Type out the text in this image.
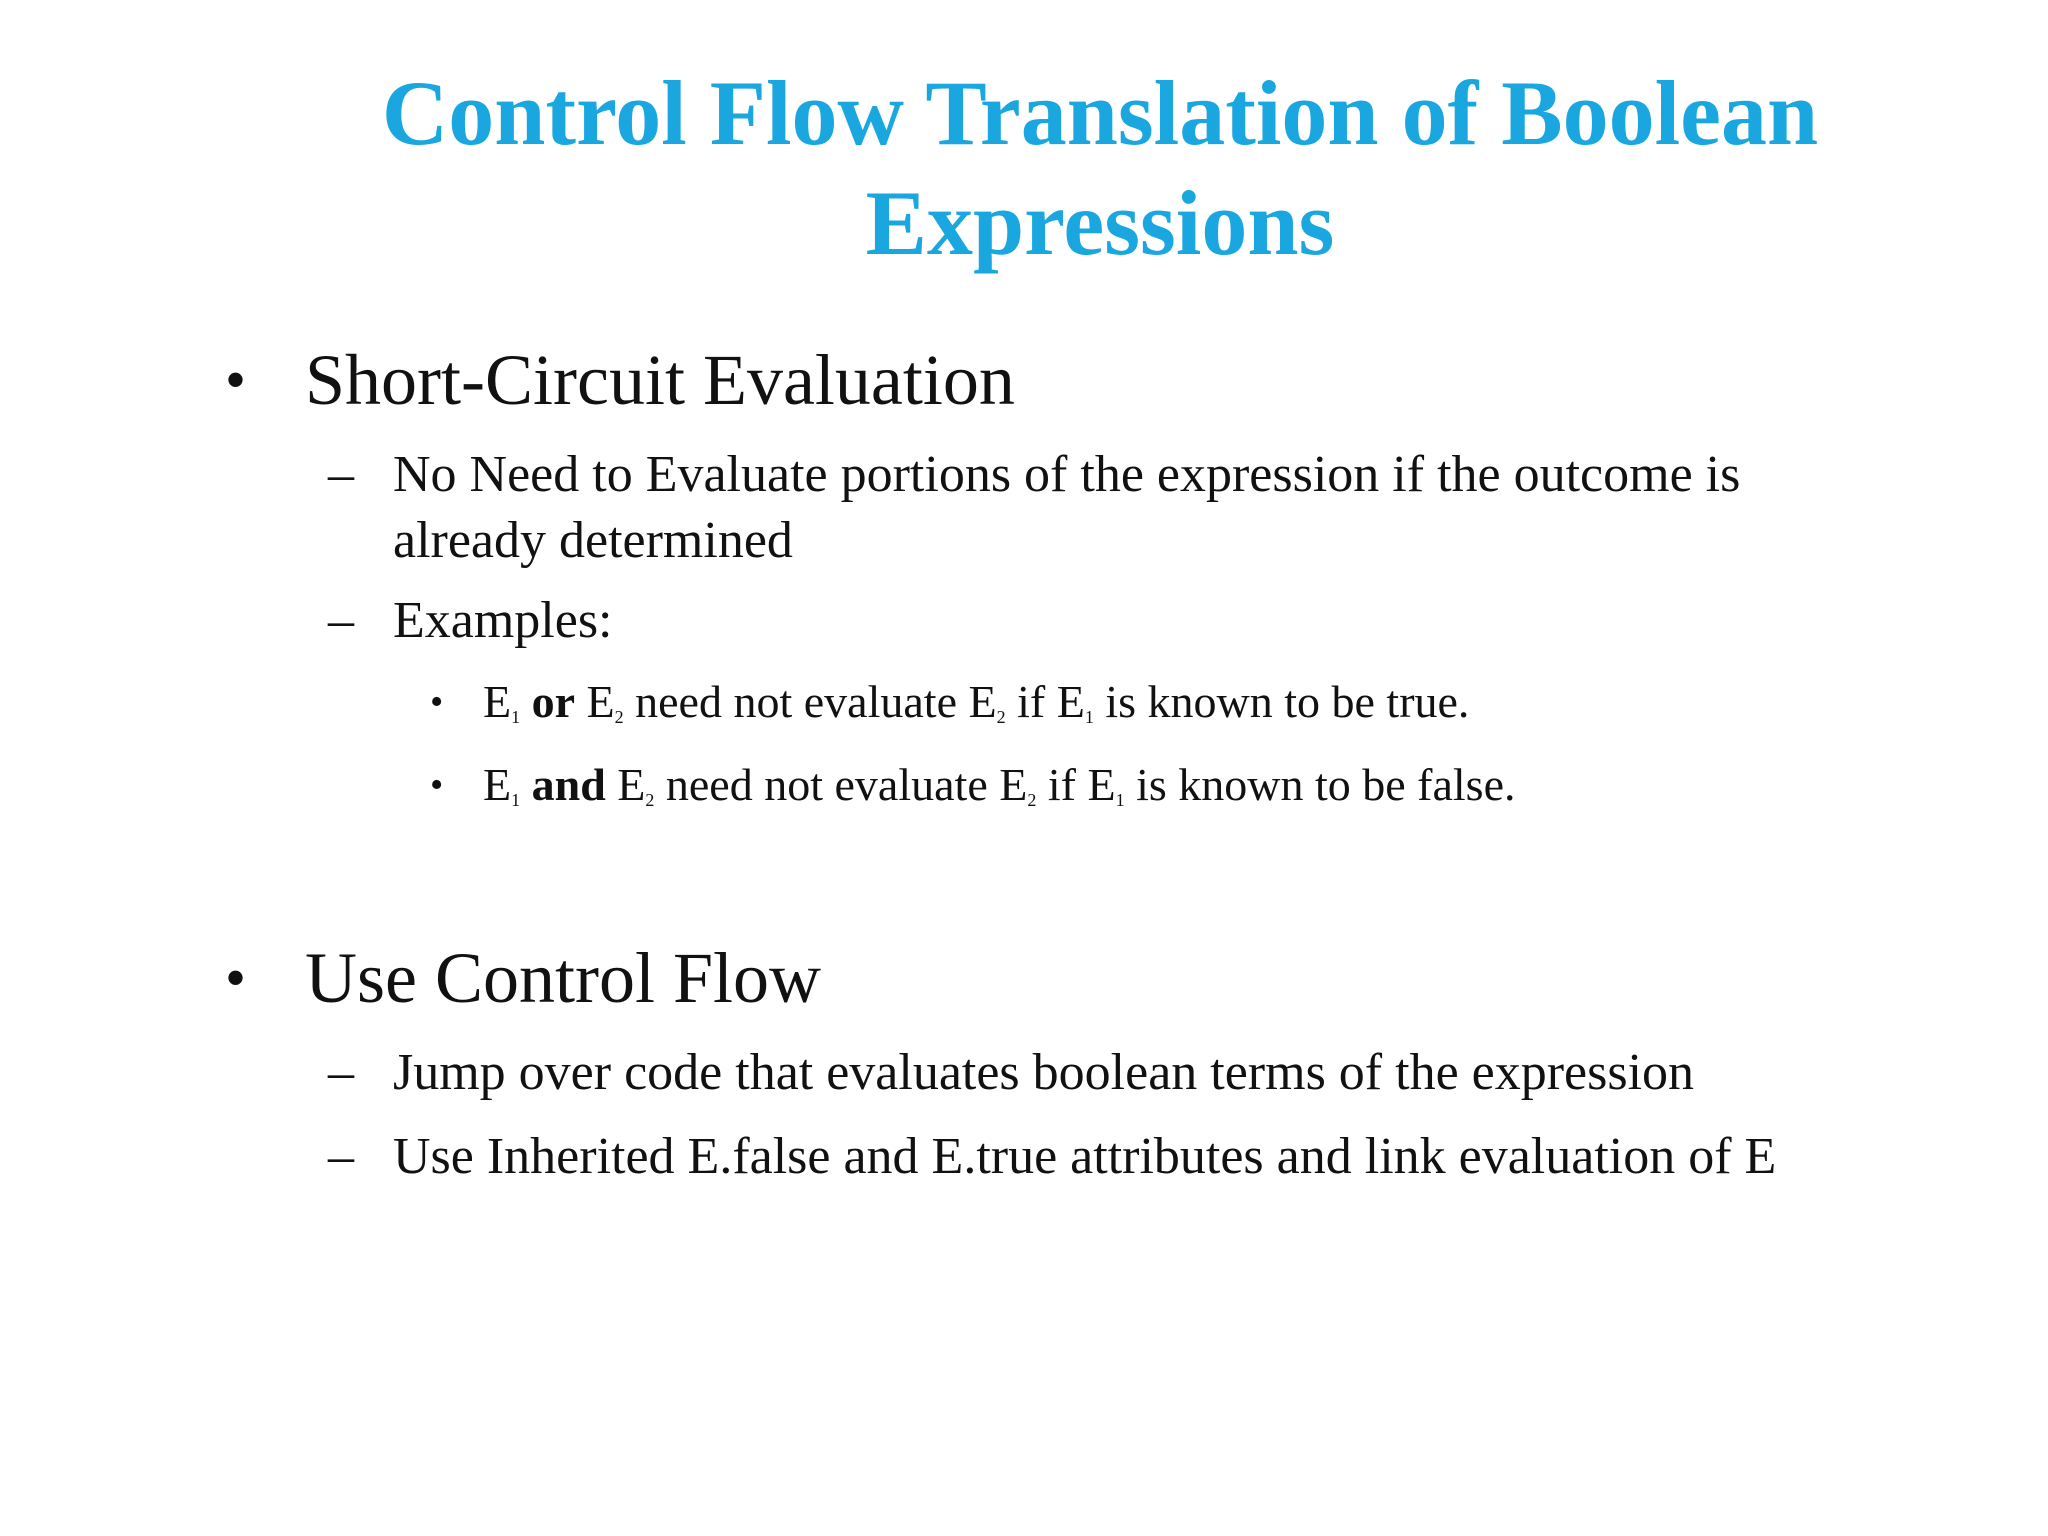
Control Flow Translation of Boolean Expressions
• Short-Circuit Evaluation
– No Need to Evaluate portions of the expression if the outcome is already determined
– Examples:
• $E_1$ or $E_2$ need not evaluate $E_2$ if $E_1$ is known to be true.
• $E_1$ and $E_2$ need not evaluate $E_2$ if $E_1$ is known to be false.
• Use Control Flow
– Jump over code that evaluates boolean terms of the expression
– Use Inherited E.false and E.true attributes and link evaluation of E
